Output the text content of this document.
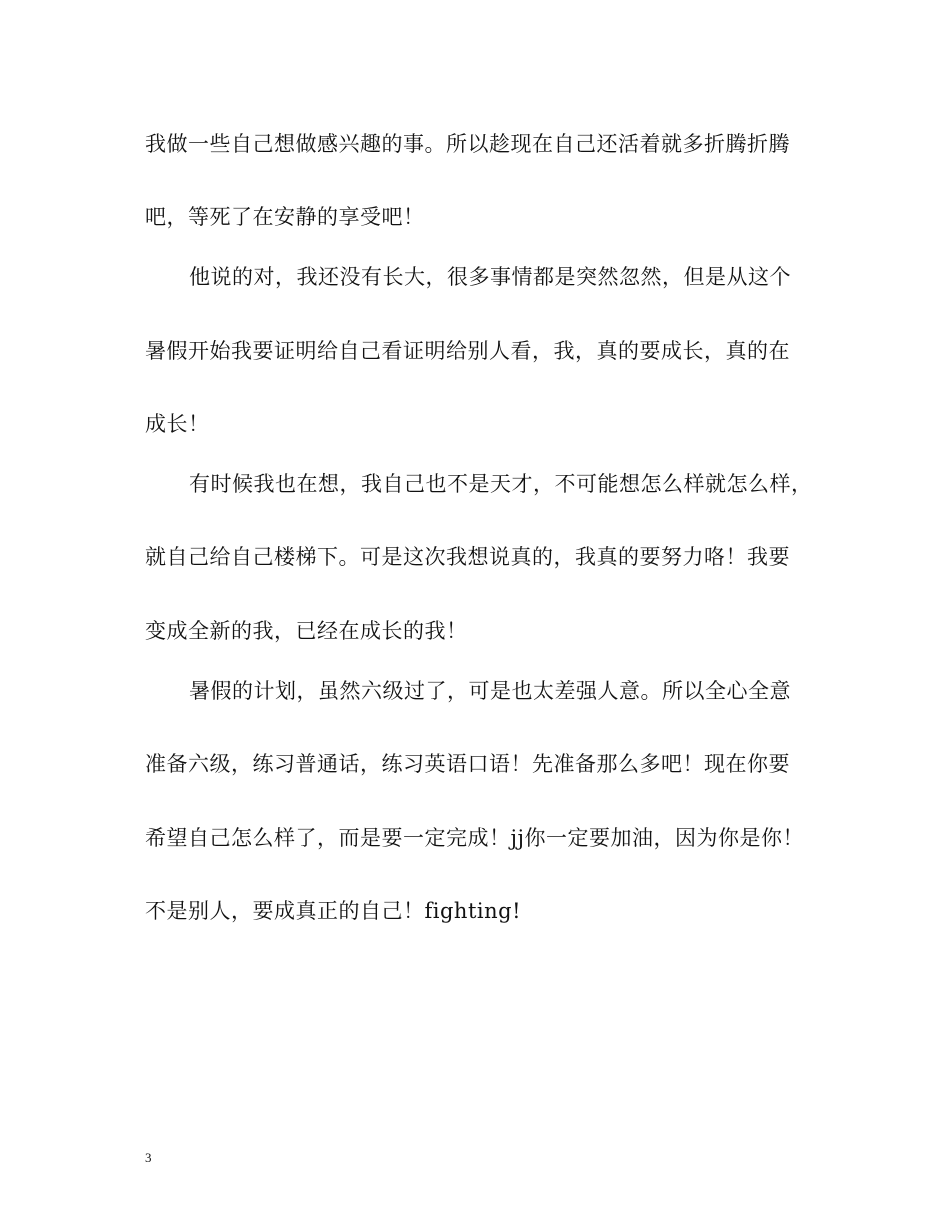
我做一些自己想做感兴趣的事。所以趁现在自己还活着就多折腾折腾
吧，等死了在安静的享受吧！
他说的对，我还没有长大，很多事情都是突然忽然，但是从这个
暑假开始我要证明给自己看证明给别人看，我，真的要成长，真的在
成长！
有时候我也在想，我自己也不是天才，不可能想怎么样就怎么样，
就自己给自己楼梯下。可是这次我想说真的，我真的要努力咯！我要
变成全新的我，已经在成长的我！
暑假的计划，虽然六级过了，可是也太差强人意。所以全心全意
准备六级，练习普通话，练习英语口语！先准备那么多吧！现在你要
希望自己怎么样了，而是要一定完成！jj你一定要加油，因为你是你！
不是别人，要成真正的自己！fighting!
3
